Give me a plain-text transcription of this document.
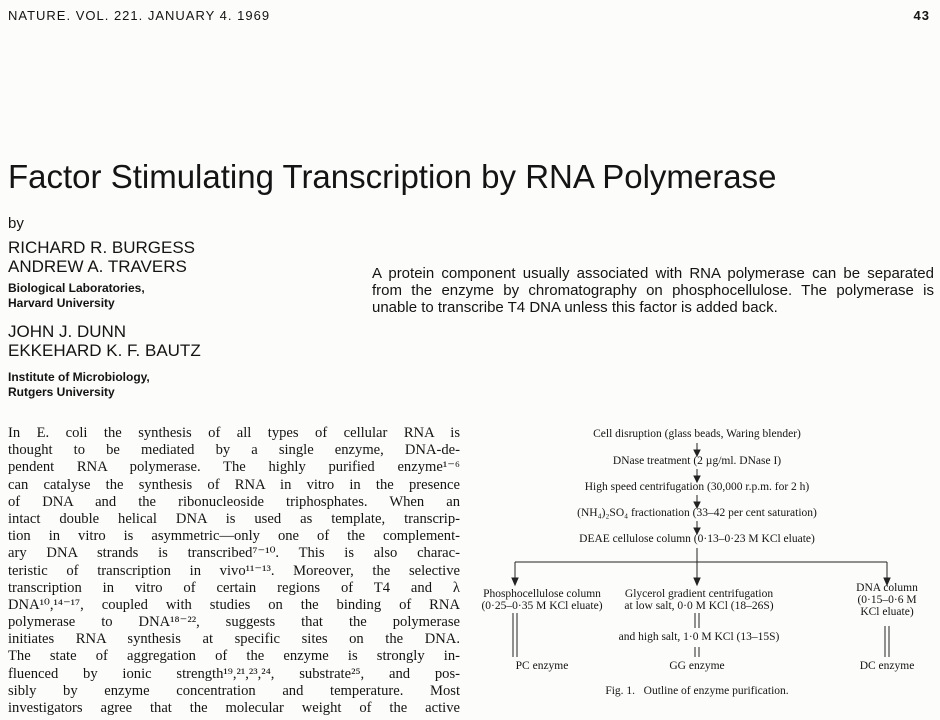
NATURE. VOL. 221. JANUARY 4. 1969	43
Factor Stimulating Transcription by RNA Polymerase
by
RICHARD R. BURGESS
ANDREW A. TRAVERS
Biological Laboratories,
Harvard University
JOHN J. DUNN
EKKEHARD K. F. BAUTZ
Institute of Microbiology,
Rutgers University
A protein component usually associated with RNA polymerase can be separated from the enzyme by chromatography on phosphocellulose. The polymerase is unable to transcribe T4 DNA unless this factor is added back.
In E. coli the synthesis of all types of cellular RNA is
thought to be mediated by a single enzyme, DNA-de-
pendent RNA polymerase. The highly purified enzyme¹⁻⁶
can catalyse the synthesis of RNA in vitro in the presence
of DNA and the ribonucleoside triphosphates. When an
intact double helical DNA is used as template, transcrip-
tion in vitro is asymmetric—only one of the complement-
ary DNA strands is transcribed⁷⁻¹⁰. This is also charac-
teristic of transcription in vivo¹¹⁻¹³. Moreover, the selective
transcription in vitro of certain regions of T4 and λ
DNA¹⁰,¹⁴⁻¹⁷, coupled with studies on the binding of RNA
polymerase to DNA¹⁸⁻²², suggests that the polymerase
initiates RNA synthesis at specific sites on the DNA.
The state of aggregation of the enzyme is strongly in-
fluenced by ionic strength¹⁹,²¹,²³,²⁴, substrate²⁵, and pos-
sibly by enzyme concentration and temperature. Most
investigators agree that the molecular weight of the active
Cell disruption (glass beads, Waring blender)
DNase treatment (2 µg/ml. DNase I)
High speed centrifugation (30,000 r.p.m. for 2 h)
(NH₄)₂SO₄ fractionation (33–42 per cent saturation)
DEAE cellulose column (0·13–0·23 M KCl eluate)
Phosphocellulose column
(0·25–0·35 M KCl eluate)
Glycerol gradient centrifugation
at low salt, 0·0 M KCl (18–26S)
and high salt, 1·0 M KCl (13–15S)
DNA column
(0·15–0·6 M
KCl eluate)
PC enzyme	GG enzyme	DC enzyme
Fig. 1.   Outline of enzyme purification.
